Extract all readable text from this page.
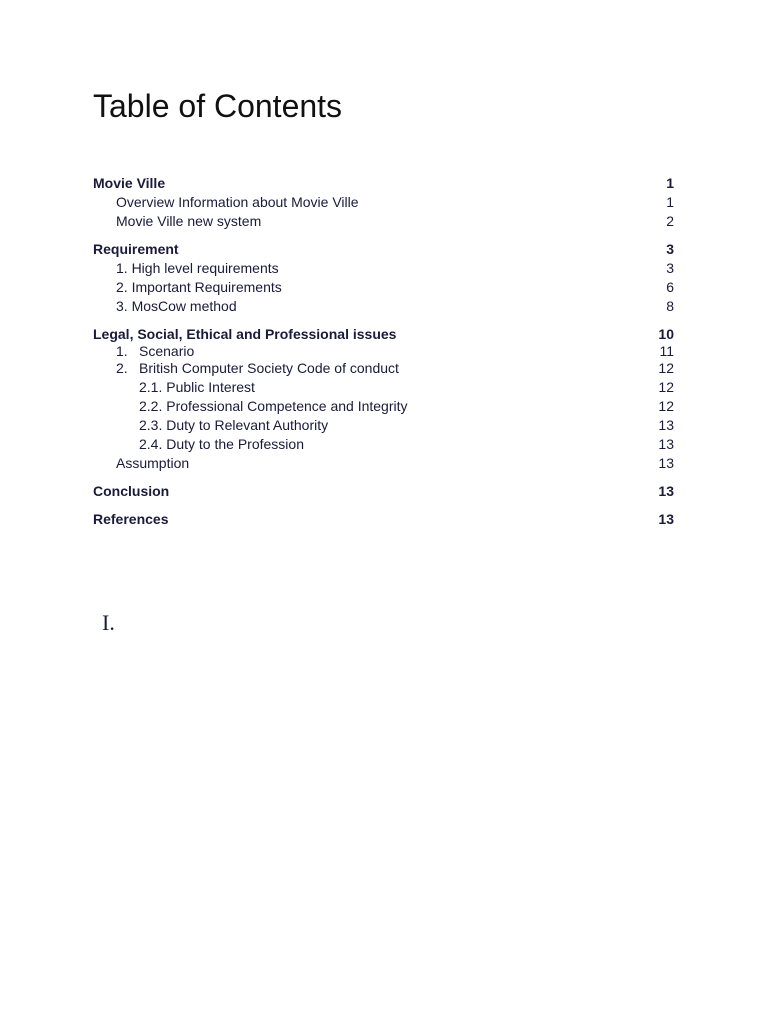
Table of Contents
Movie Ville	1
Overview Information about Movie Ville	1
Movie Ville new system	2
Requirement	3
1. High level requirements	3
2. Important Requirements	6
3. MosCow method	8
Legal, Social, Ethical and Professional issues	10
1. Scenario	11
2. British Computer Society Code of conduct	12
2.1. Public Interest	12
2.2. Professional Competence and Integrity	12
2.3. Duty to Relevant Authority	13
2.4. Duty to the Profession	13
Assumption	13
Conclusion	13
References	13
I.
